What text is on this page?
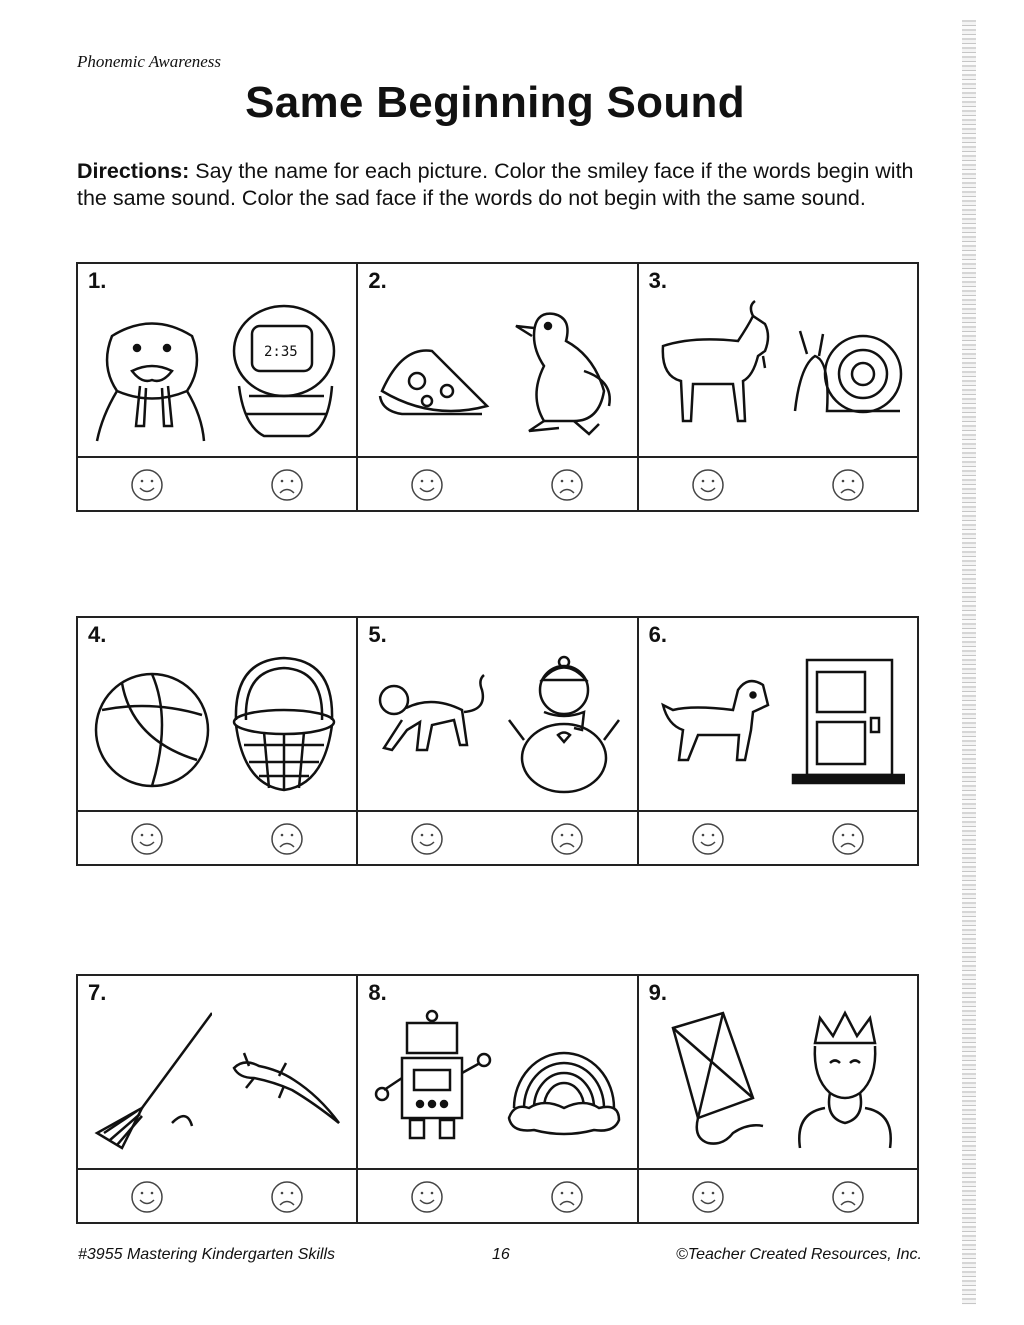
Phonemic Awareness
Same Beginning Sound
Directions: Say the name for each picture. Color the smiley face if the words begin with the same sound. Color the sad face if the words do not begin with the same sound.
1.
2:35
2.	3.
4.	5.	6.
7.	8.	9.
#3955 Mastering Kindergarten Skills	16	©Teacher Created Resources, Inc.
